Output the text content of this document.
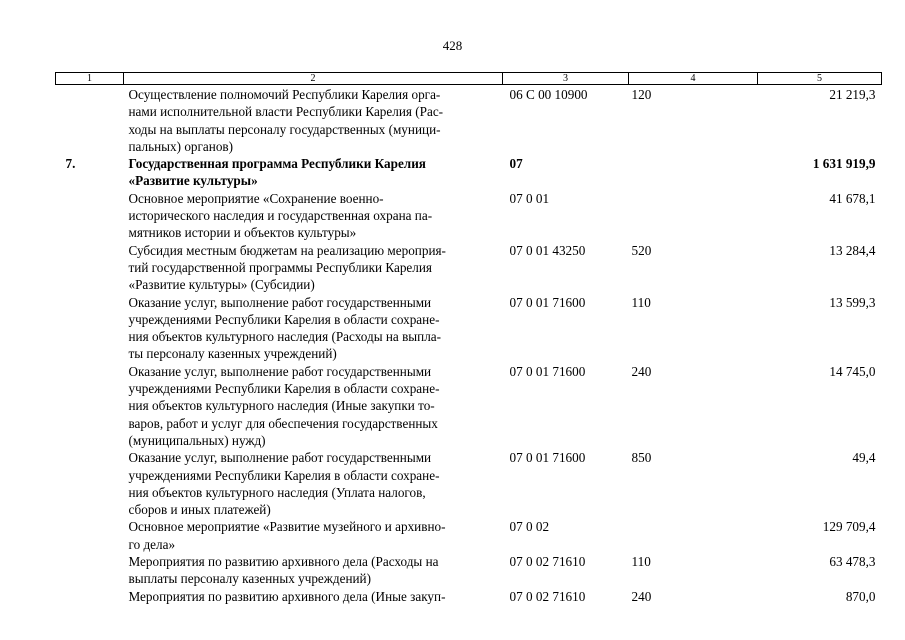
428
1	2	3	4	5

	Осуществление полномочий Республики Карелия орга-
нами исполнительной власти Республики Карелия (Рас-
ходы на выплаты персоналу государственных (муници-
пальных) органов)	06 С 00 10900	120	21 219,3
7.	Государственная программа Республики Карелия
«Развитие культуры»	07		1 631 919,9

	Основное мероприятие «Сохранение военно-
исторического наследия и государственная охрана па-
мятников истории и объектов культуры»	07 0 01		41 678,1

	Субсидия местным бюджетам на реализацию мероприя-
тий государственной программы Республики Карелия
«Развитие культуры» (Субсидии)	07 0 01 43250	520	13 284,4

	Оказание услуг, выполнение работ государственными
учреждениями Республики Карелия в области сохране-
ния объектов культурного наследия (Расходы на выпла-
ты персоналу казенных учреждений)	07 0 01 71600	110	13 599,3

	Оказание услуг, выполнение работ государственными
учреждениями Республики Карелия в области сохране-
ния объектов культурного наследия (Иные закупки то-
варов, работ и услуг для обеспечения государственных
(муниципальных) нужд)	07 0 01 71600	240	14 745,0

	Оказание услуг, выполнение работ государственными
учреждениями Республики Карелия в области сохране-
ния объектов культурного наследия (Уплата налогов,
сборов и иных платежей)	07 0 01 71600	850	49,4

	Основное мероприятие «Развитие музейного и архивно-
го дела»	07 0 02		129 709,4

	Мероприятия по развитию архивного дела (Расходы на
выплаты персоналу казенных учреждений)	07 0 02 71610	110	63 478,3

	Мероприятия по развитию архивного дела (Иные закуп-	07 0 02 71610	240	870,0
